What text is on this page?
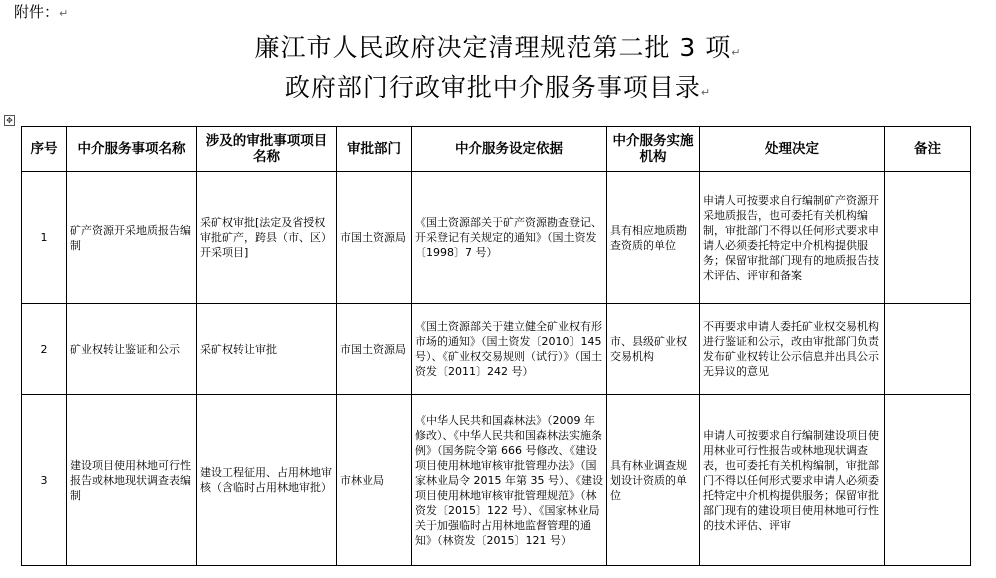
附件：↵
廉江市人民政府决定清理规范第二批 3 项↵
政府部门行政审批中介服务事项目录↵
✥
序号	中介服务事项名称	涉及的审批事项项目名称	审批部门	中介服务设定依据	中介服务实施机构	处理决定	备注
1	矿产资源开采地质报告编制	采矿权审批[法定及省授权审批矿产，跨县（市、区）开采项目]	市国土资源局	《国土资源部关于矿产资源勘查登记、开采登记有关规定的通知》（国土资发〔1998〕7 号）	具有相应地质勘查资质的单位	申请人可按要求自行编制矿产资源开采地质报告，也可委托有关机构编制，审批部门不得以任何形式要求申请人必须委托特定中介机构提供服务；保留审批部门现有的地质报告技术评估、评审和备案	
2	矿业权转让鉴证和公示	采矿权转让审批	市国土资源局	《国土资源部关于建立健全矿业权有形市场的通知》（国土资发〔2010〕145 号）、《矿业权交易规则（试行）》（国土资发〔2011〕242 号）	市、县级矿业权交易机构	不再要求申请人委托矿业权交易机构进行鉴证和公示，改由审批部门负责发布矿业权转让公示信息并出具公示无异议的意见	
3	建设项目使用林地可行性报告或林地现状调查表编制	建设工程征用、占用林地审核（含临时占用林地审批）	市林业局	《中华人民共和国森林法》（2009 年修改）、《中华人民共和国森林法实施条例》（国务院令第 666 号修改、《建设项目使用林地审核审批管理办法》（国家林业局令 2015 年第 35 号）、《建设项目使用林地审核审批管理规范》（林资发〔2015〕122 号）、《国家林业局关于加强临时占用林地监督管理的通知》（林资发〔2015〕121 号）	具有林业调查规划设计资质的单位	申请人可按要求自行编制建设项目使用林业可行性报告或林地现状调查表，也可委托有关机构编制，审批部门不得以任何形式要求申请人必须委托特定中介机构提供服务；保留审批部门现有的建设项目使用林地可行性的技术评估、评审	
